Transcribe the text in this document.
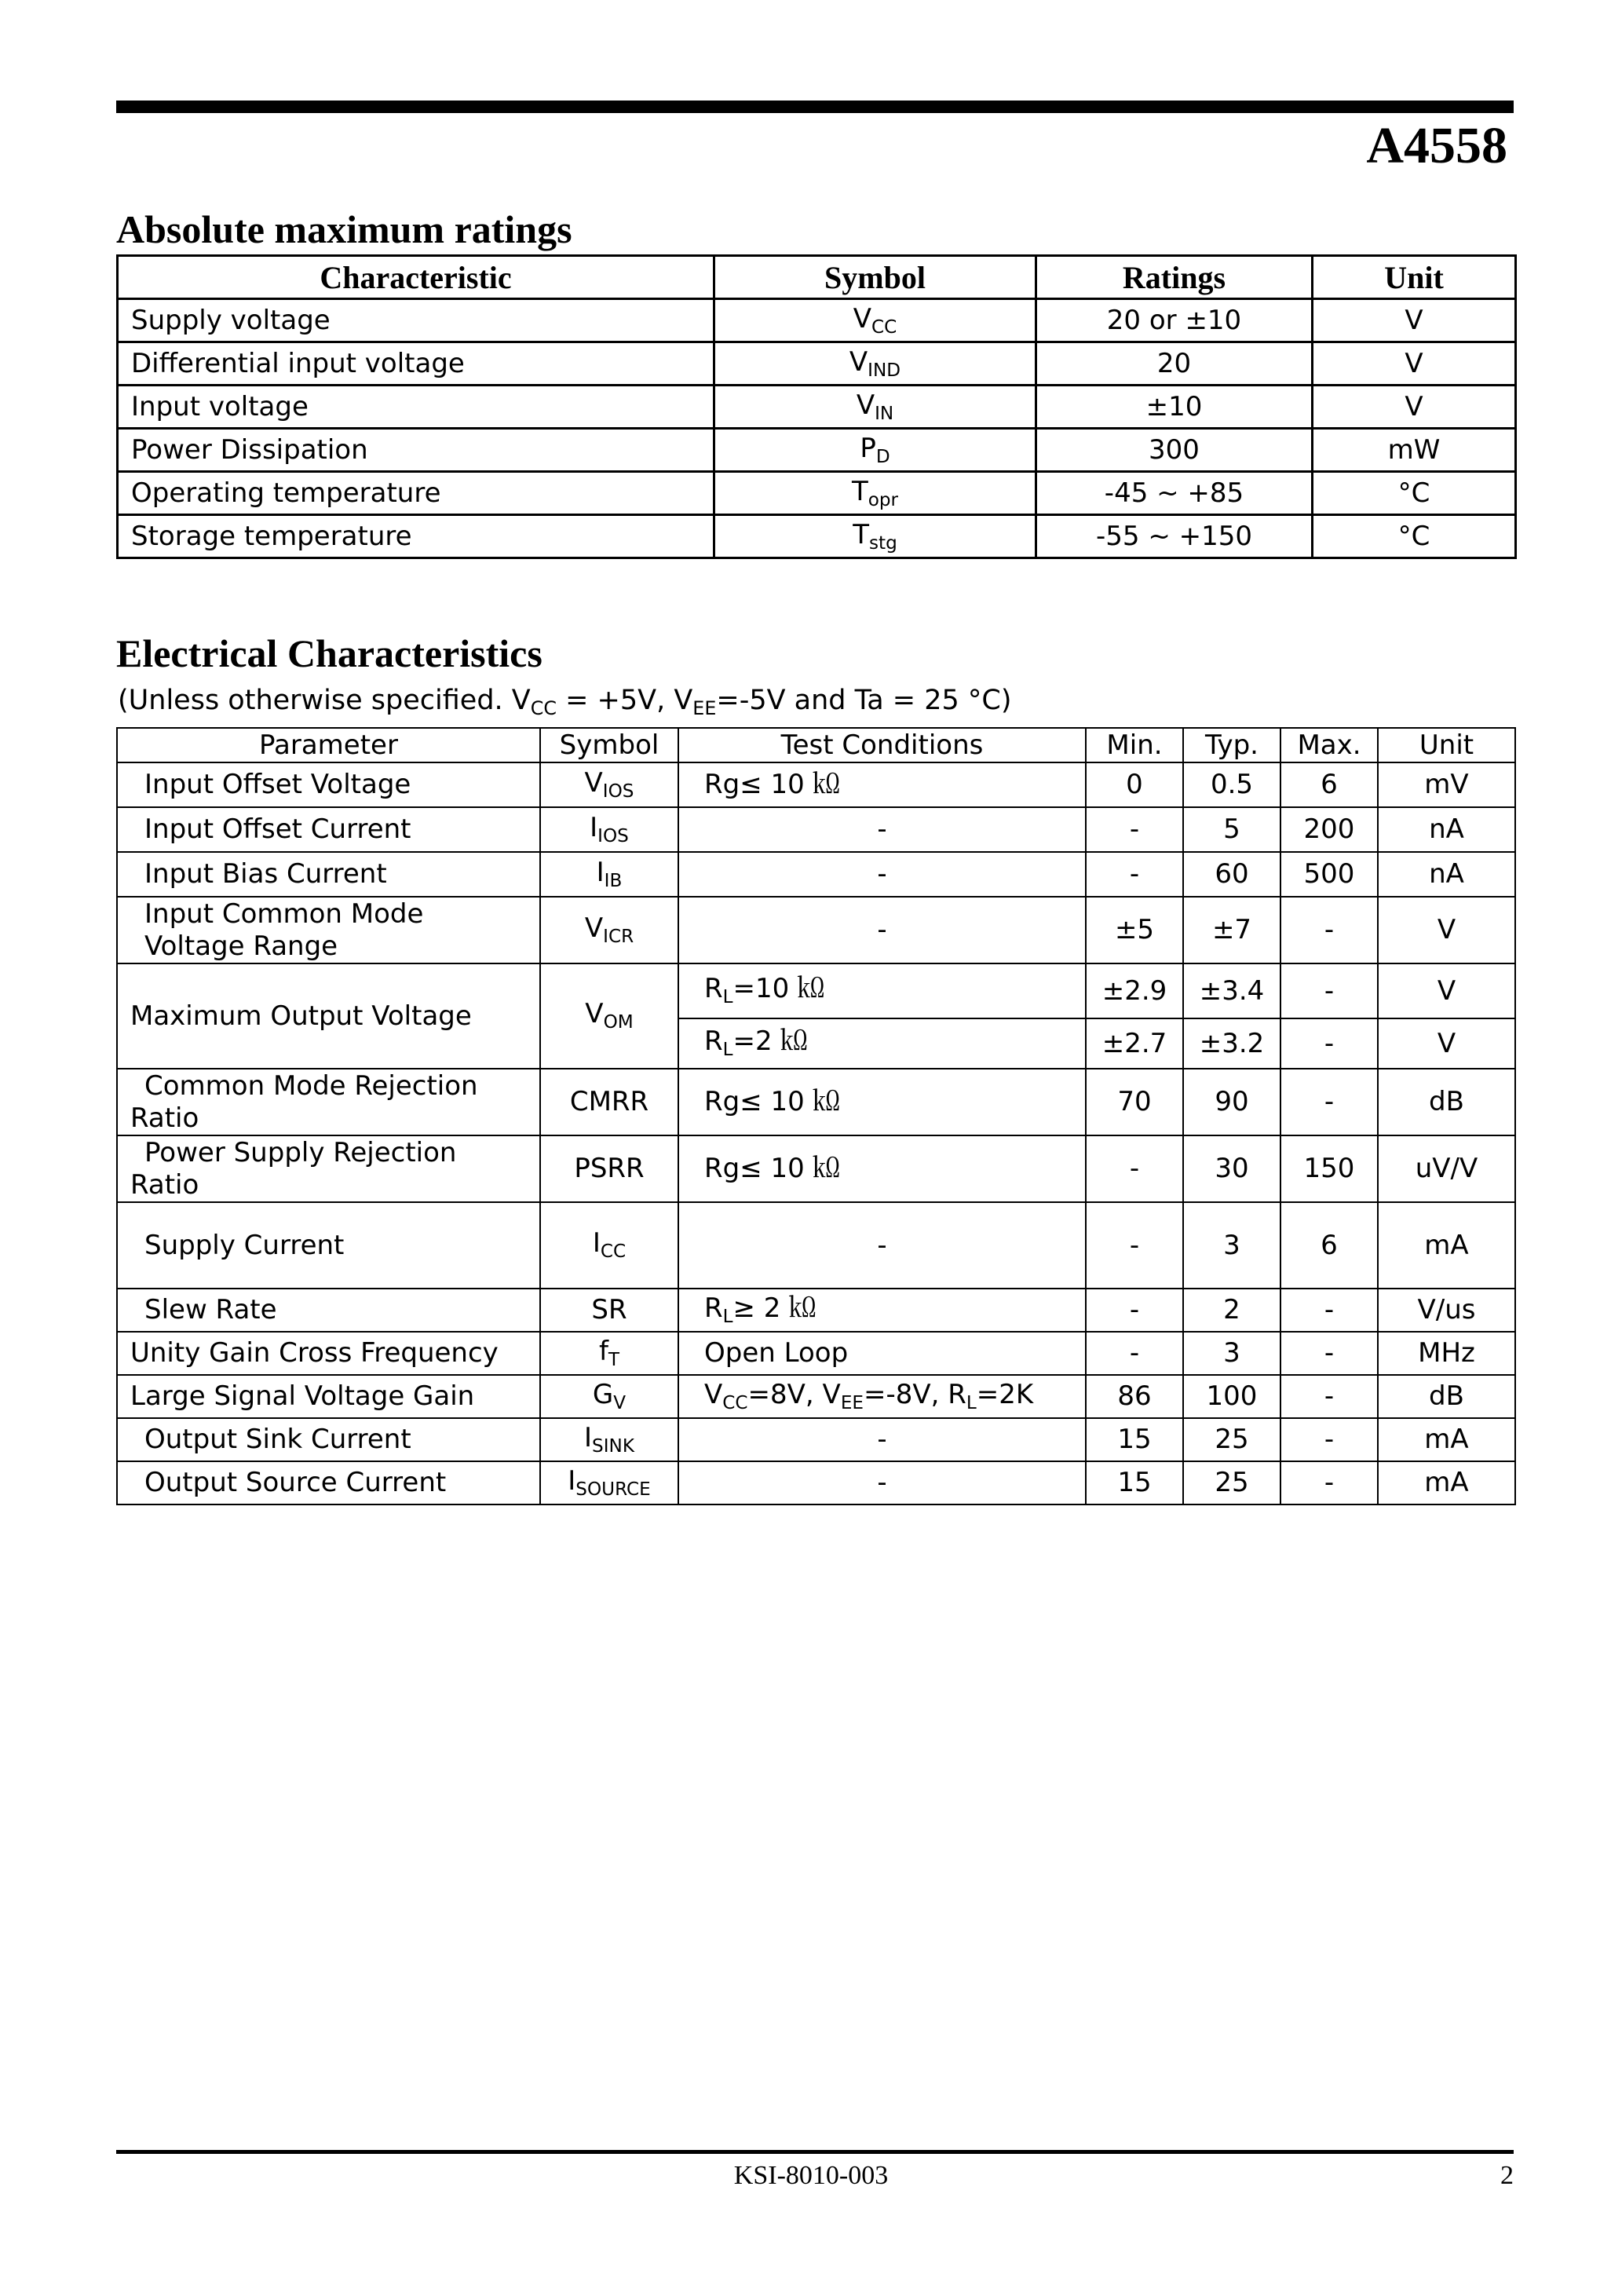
A4558
Absolute maximum ratings
Characteristic	Symbol	Ratings	Unit
Supply voltage	$V_{CC}$	20 or ±10	V
Differential input voltage	$V_{IND}$	20	V
Input voltage	$V_{IN}$	±10	V
Power Dissipation	$P_D$	300	mW
Operating temperature	$T_{opr}$	-45 ~ +85	°C
Storage temperature	$T_{stg}$	-55 ~ +150	°C
Electrical Characteristics
(Unless otherwise specified. $V_{CC} = +5V$, $V_{EE}=-5V$ and Ta = 25 °C)
Parameter	Symbol	Test Conditions	Min.	Typ.	Max.	Unit
Input Offset Voltage	$V_{IOS}$	Rg≤ 10 ㏀	0	0.5	6	mV
Input Offset Current	$I_{IOS}$	-	-	5	200	nA
Input Bias Current	$I_{IB}$	-	-	60	500	nA

Input Common Mode
Voltage Range	$V_{ICR}$	-	±5	±7	-	V
Maximum Output Voltage	$V_{OM}$	$R_L=10$ ㏀	±2.9	±3.4	-	V
		$R_L=2$ ㏀	±2.7	±3.2	-	V

Common Mode Rejection
Ratio	CMRR	Rg≤ 10 ㏀	70	90	-	dB

Power Supply Rejection
Ratio	PSRR	Rg≤ 10 ㏀	-	30	150	uV/V
Supply Current	$I_{CC}$	-	-	3	6	mA
Slew Rate	SR	$R_L\ge 2$ ㏀	-	2	-	V/us
Unity Gain Cross Frequency	$f_T$	Open Loop	-	3	-	MHz
Large Signal Voltage Gain	$G_V$	$V_{CC}=8V$, $V_{EE}=-8V$, $R_L=2K$	86	100	-	dB
Output Sink Current	$I_{SINK}$	-	15	25	-	mA
Output Source Current	$I_{SOURCE}$	-	15	25	-	mA
KSI-8010-003	2
